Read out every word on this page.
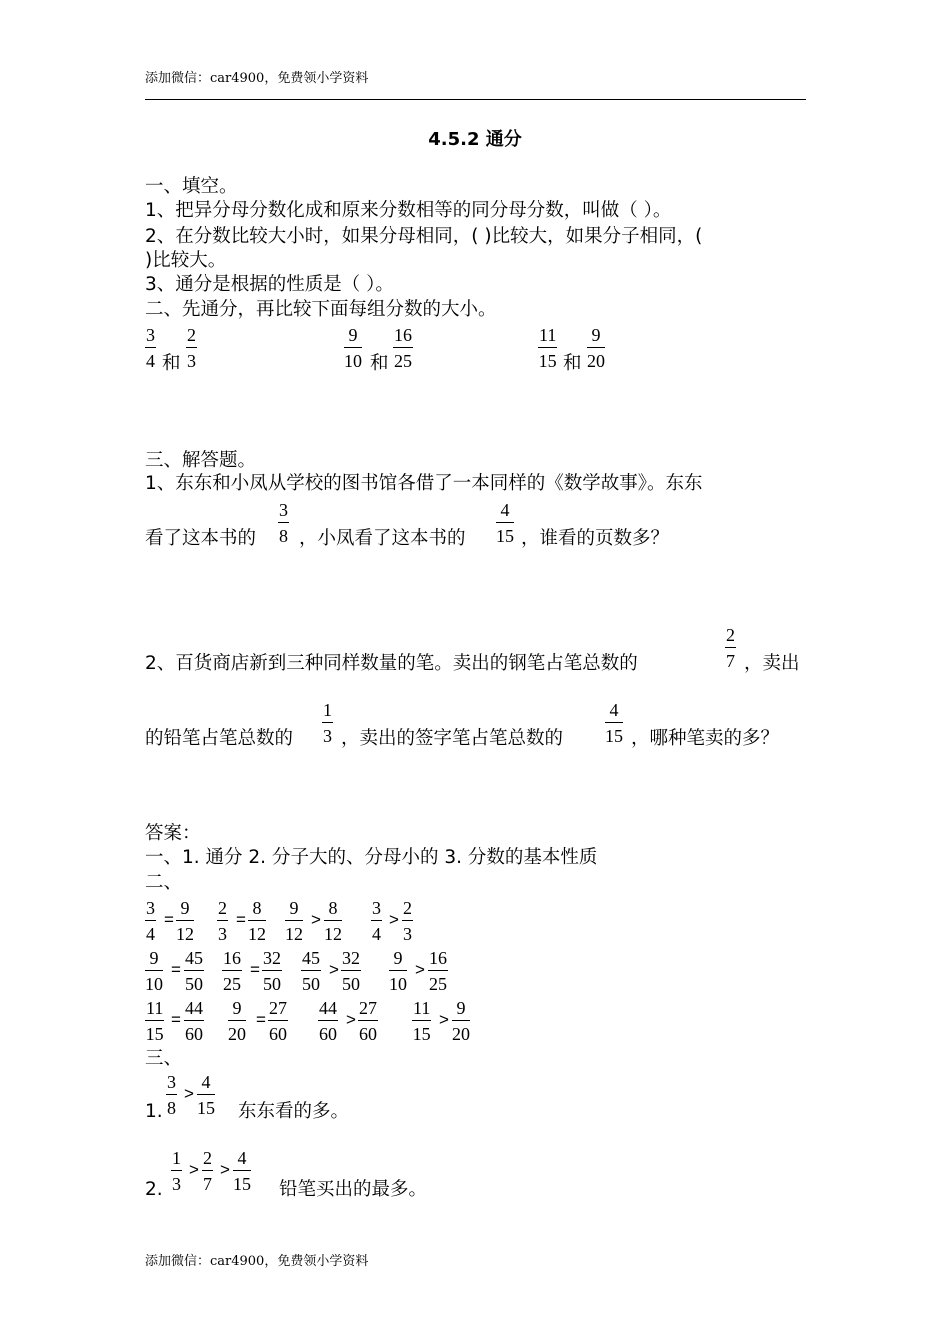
添加微信：car4900，免费领小学资料
4.5.2 通分
一、填空。
1、把异分母分数化成和原来分数相等的同分母分数，叫做（ ）。
2、在分数比较大小时，如果分母相同，( )比较大，如果分子相同，(
)比较大。
3、通分是根据的性质是（ ）。
二、先通分，再比较下面每组分数的大小。
3
4 和
2
3
9
10 和
16
25
11
15 和
9
20
三、解答题。
1、东东和小凤从学校的图书馆各借了一本同样的《数学故事》。东东
看了这本书的
3
8 ，小凤看了这本书的
4
15 ，谁看的页数多？
2、百货商店新到三种同样数量的笔。卖出的钢笔占笔总数的
2
7 ，卖出
的铅笔占笔总数的
1
3 ，卖出的签字笔占笔总数的
4
15 ，哪种笔卖的多？
答案：
一、1. 通分 2. 分子大的、分母小的 3. 分数的基本性质
二、
3
4
=
9
12
2
3
=
8
12
9
12
>
8
12
3
4
>
2
3
9
10
=
45
50
16
25
=
32
50
45
50
>
32
50
9
10
>
16
25
11
15
=
44
60
9
20
=
27
60
44
60
>
27
60
11
15
>
9
20
三、
1.
3
8
>
4
15 东东看的多。
2.
1
3
>
2
7
>
4
15 铅笔买出的最多。
添加微信：car4900，免费领小学资料
